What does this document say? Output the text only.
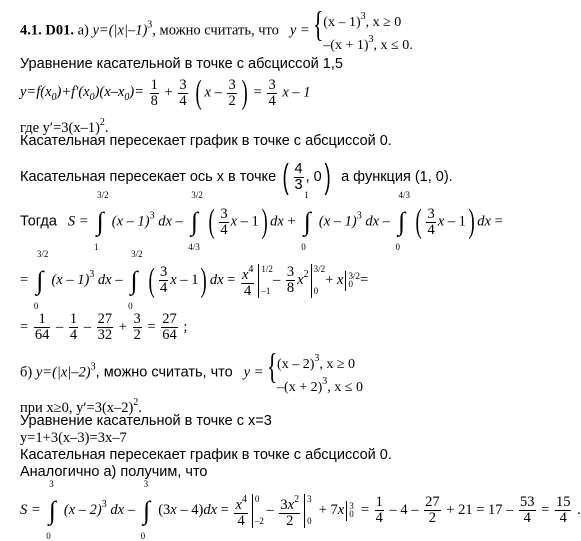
4.1. D01. а) $y=(|x|-1)^3$, можно считать, что y = { (x – 1)$^3$, x ≥ 0
$-(x + 1)^3$, x ≤ 0.
Уравнение касательной в точке с абсциссой 1,5
$y=f(x_0)+f'(x_0)(x-x_0)= \frac{1}{8} + \frac{3}{4}$ ( x – $\frac{3}{2}$ ) = $\frac{3}{4}$ x – 1
где $y'=3(x-1)^2$.
Касательная пересекает график в точке с абсциссой 0.
Касательная пересекает ось x в точке ( $\frac{4}{3}$ , 0) а функция (1, 0).
Тогда S =
3/2
∫
1
(x – 1)$^3$ dx –
3/2
∫
4/3
( $\frac{3}{4}$ x – 1) dx +
1
∫
0
(x – 1)$^3$ dx –
4/3
∫
0
( $\frac{3}{4}$ x – 1) dx =
=
3/2
∫
0
(x – 1)$^3$ dx –
3/2
∫
0
( $\frac{3}{4}$ x – 1) dx = $\frac{x^4}{4} 1/2$
–1
– $\frac{3}{8} x^2$
3/2
0
+ x 3/2
0 =
= $\frac{1}{64} - \frac{1}{4} - \frac{27}{32} + \frac{3}{2} = \frac{27}{64}$ ;
б) $y=(|x|-2)^3$, можно считать, что y = { (x – 2)$^3$, x ≥ 0
$-(x + 2)^3$, x ≤ 0
при x≥0, $y'=3(x-2)^2$.
Уравнение касательной в точке с x=3
y=1+3(x–3)=3x–7
Касательная пересекает график в точке с абсциссой 0.
Аналогично а) получим, что
S =
3
∫
0
(x – 2)$^3$ dx –
3
∫
0
$(3x - 4)dx = \frac{x^4}{4} 0$
–2
– $\frac{3x^2}{2} 3$
0
+ 7x 3
$0 = \frac{1}{4} - 4 - \frac{27}{2} + 21 = 17 - \frac{53}{4} = \frac{15}{4}$ .
